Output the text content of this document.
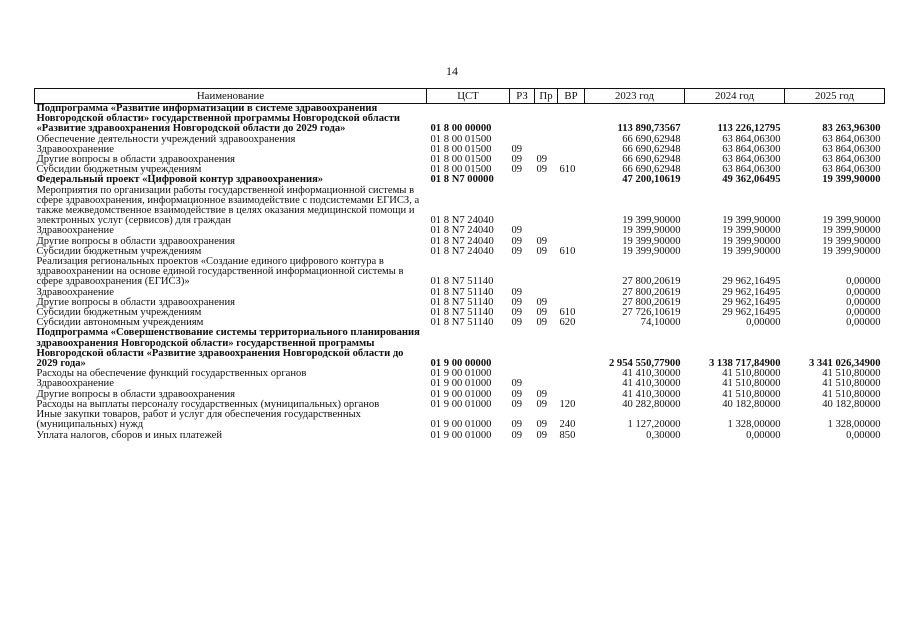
14
Наименование	ЦСТ	РЗ	Пр	ВР	2023 год	2024 год	2025 год
Подпрограмма «Развитие информатизации в системе здравоохранения Новгородской области» государственной программы Новгородской области «Развитие здравоохранения Новгородской области до 2029 года»	01 8 00 00000				113 890,73567	113 226,12795	83 263,96300
Обеспечение деятельности учреждений здравоохранения	01 8 00 01500				66 690,62948	63 864,06300	63 864,06300
Здравоохранение	01 8 00 01500	09			66 690,62948	63 864,06300	63 864,06300
Другие вопросы в области здравоохранения	01 8 00 01500	09	09		66 690,62948	63 864,06300	63 864,06300
Субсидии бюджетным учреждениям	01 8 00 01500	09	09	610	66 690,62948	63 864,06300	63 864,06300
Федеральный проект «Цифровой контур здравоохранения»	01 8 N7 00000				47 200,10619	49 362,06495	19 399,90000
Мероприятия по организации работы государственной информационной системы в сфере здравоохранения, информационное взаимодействие с подсистемами ЕГИСЗ, а также межведомственное взаимодействие в целях оказания медицинской помощи и электронных услуг (сервисов) для граждан	01 8 N7 24040				19 399,90000	19 399,90000	19 399,90000
Здравоохранение	01 8 N7 24040	09			19 399,90000	19 399,90000	19 399,90000
Другие вопросы в области здравоохранения	01 8 N7 24040	09	09		19 399,90000	19 399,90000	19 399,90000
Субсидии бюджетным учреждениям	01 8 N7 24040	09	09	610	19 399,90000	19 399,90000	19 399,90000
Реализация региональных проектов «Создание единого цифрового контура в здравоохранении на основе единой государственной информационной системы в сфере здравоохранения (ЕГИСЗ)»	01 8 N7 51140				27 800,20619	29 962,16495	0,00000
Здравоохранение	01 8 N7 51140	09			27 800,20619	29 962,16495	0,00000
Другие вопросы в области здравоохранения	01 8 N7 51140	09	09		27 800,20619	29 962,16495	0,00000
Субсидии бюджетным учреждениям	01 8 N7 51140	09	09	610	27 726,10619	29 962,16495	0,00000
Субсидии автономным учреждениям	01 8 N7 51140	09	09	620	74,10000	0,00000	0,00000
Подпрограмма «Совершенствование системы территориального планирования здравоохранения Новгородской области» государственной программы Новгородской области «Развитие здравоохранения Новгородской области до 2029 года»	01 9 00 00000				2 954 550,77900	3 138 717,84900	3 341 026,34900
Расходы на обеспечение функций государственных органов	01 9 00 01000				41 410,30000	41 510,80000	41 510,80000
Здравоохранение	01 9 00 01000	09			41 410,30000	41 510,80000	41 510,80000
Другие вопросы в области здравоохранения	01 9 00 01000	09	09		41 410,30000	41 510,80000	41 510,80000
Расходы на выплаты персоналу государственных (муниципальных) органов	01 9 00 01000	09	09	120	40 282,80000	40 182,80000	40 182,80000
Иные закупки товаров, работ и услуг для обеспечения государственных (муниципальных) нужд	01 9 00 01000	09	09	240	1 127,20000	1 328,00000	1 328,00000
Уплата налогов, сборов и иных платежей	01 9 00 01000	09	09	850	0,30000	0,00000	0,00000
